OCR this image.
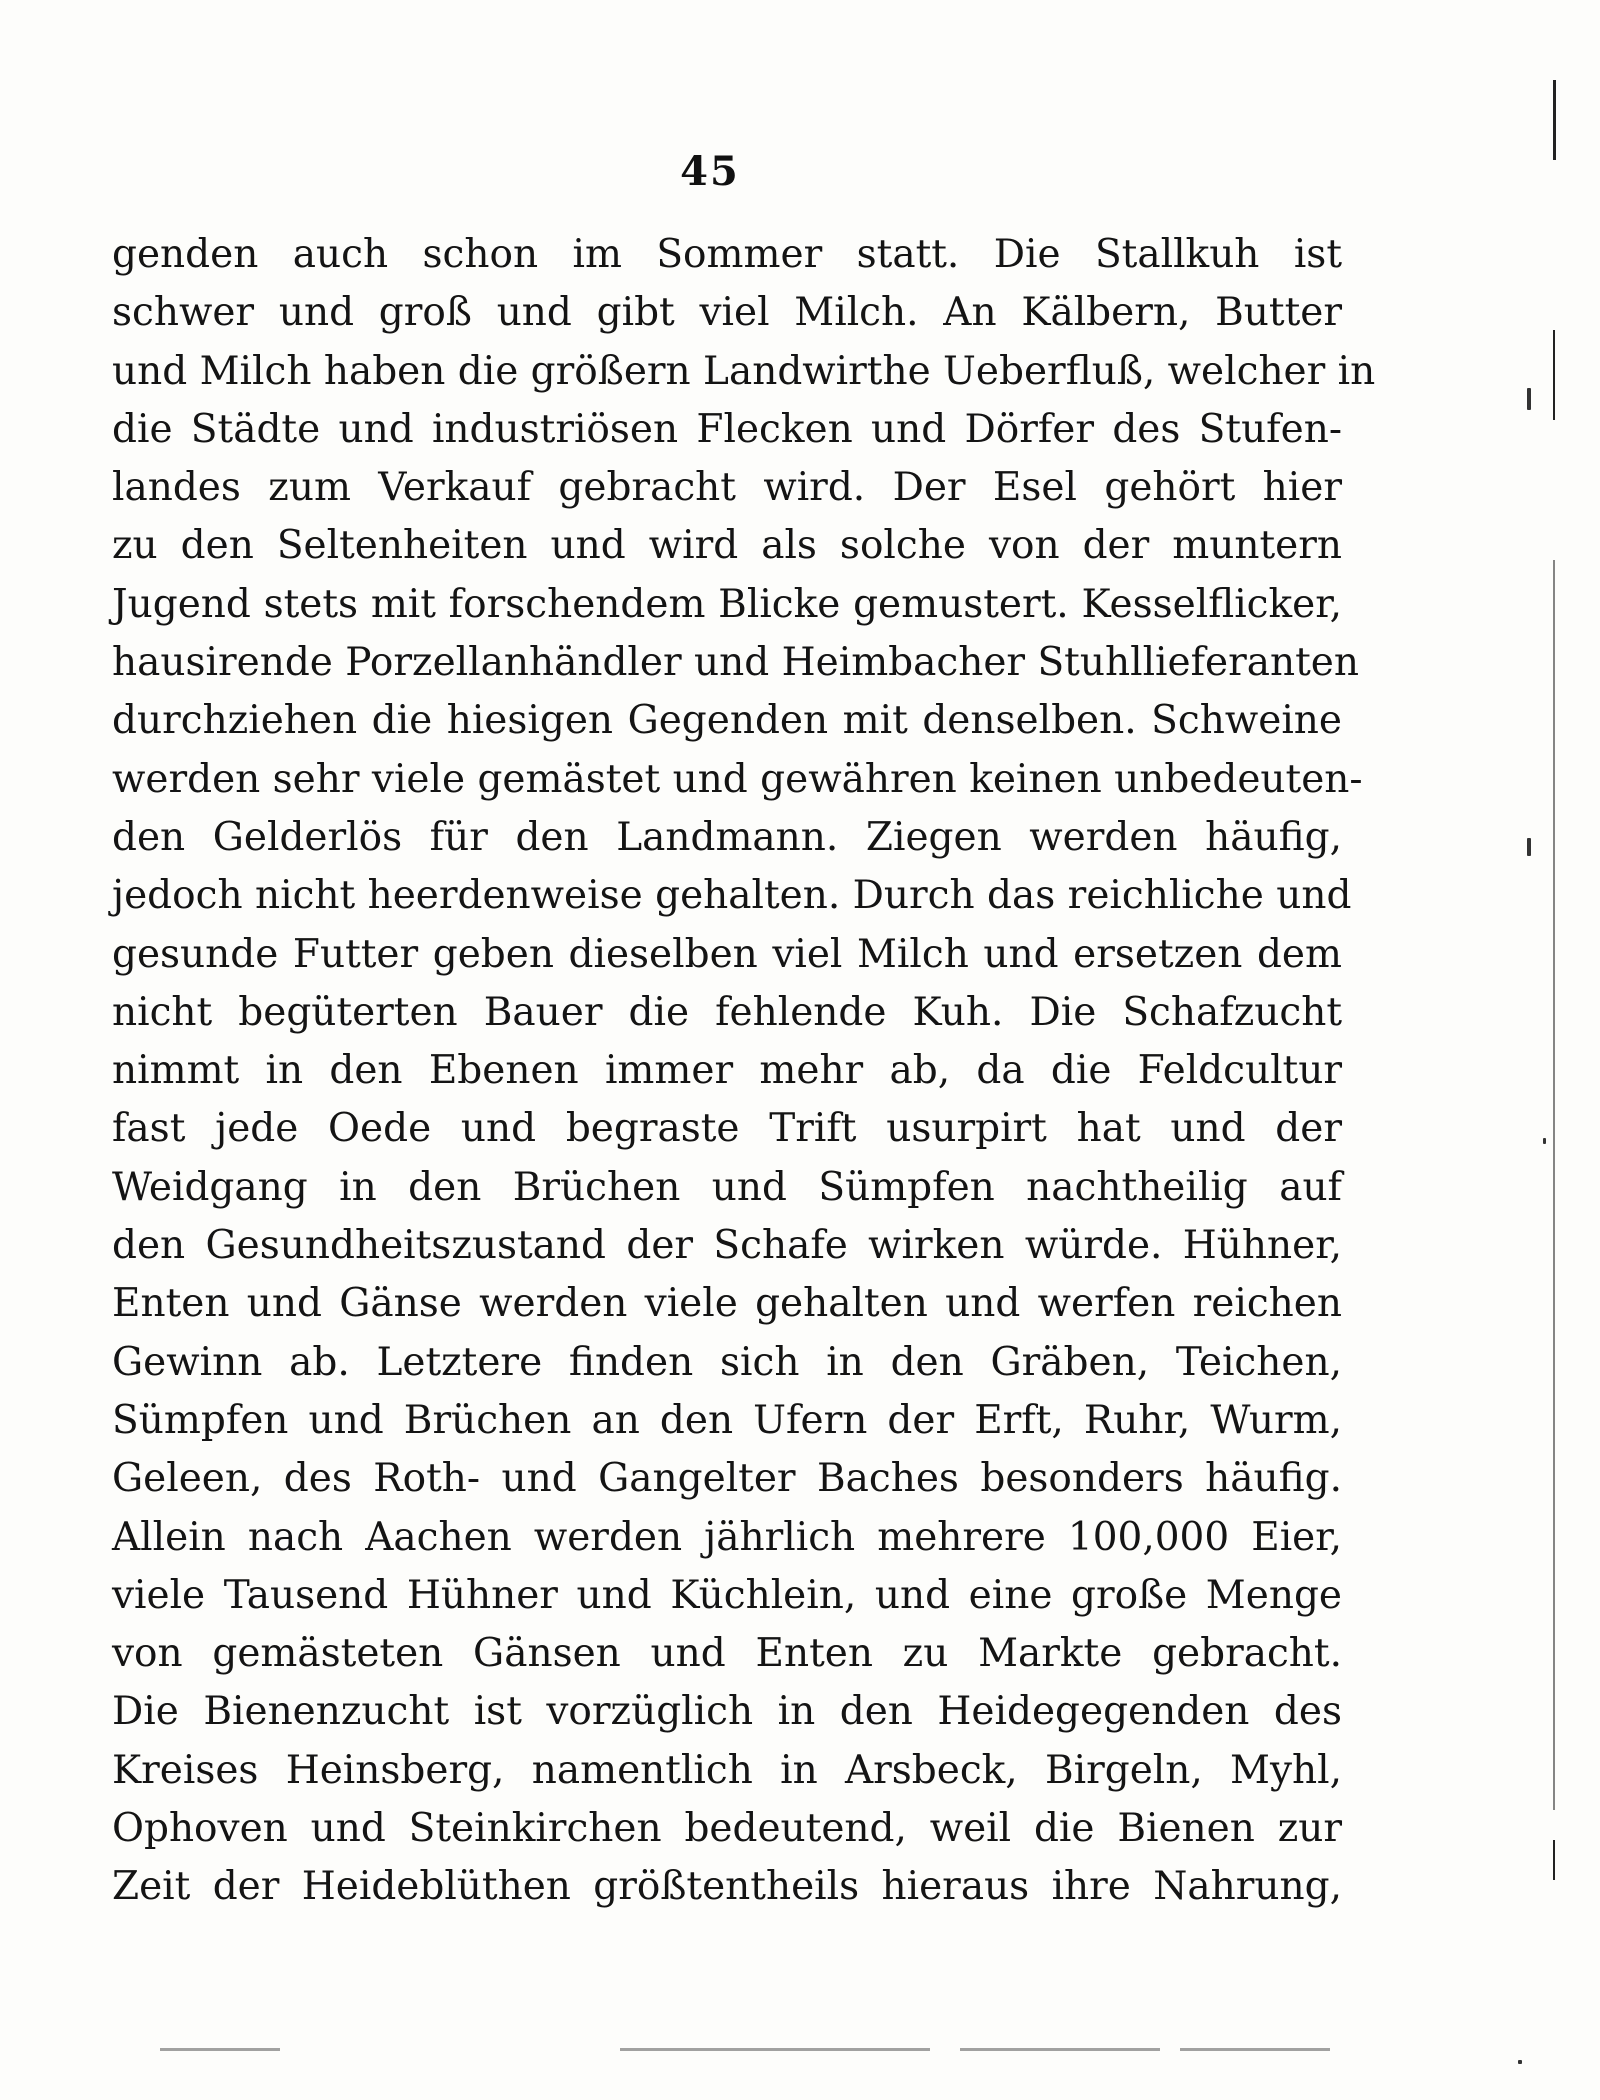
45
genden auch schon im Sommer statt. Die Stallkuh ist
schwer und groß und gibt viel Milch. An Kälbern, Butter
und Milch haben die größern Landwirthe Ueberfluß, welcher in
die Städte und industriösen Flecken und Dörfer des Stufen-
landes zum Verkauf gebracht wird. Der Esel gehört hier
zu den Seltenheiten und wird als solche von der muntern
Jugend stets mit forschendem Blicke gemustert. Kesselflicker,
hausirende Porzellanhändler und Heimbacher Stuhllieferanten
durchziehen die hiesigen Gegenden mit denselben. Schweine
werden sehr viele gemästet und gewähren keinen unbedeuten-
den Gelderlös für den Landmann. Ziegen werden häufig,
jedoch nicht heerdenweise gehalten. Durch das reichliche und
gesunde Futter geben dieselben viel Milch und ersetzen dem
nicht begüterten Bauer die fehlende Kuh. Die Schafzucht
nimmt in den Ebenen immer mehr ab, da die Feldcultur
fast jede Oede und begraste Trift usurpirt hat und der
Weidgang in den Brüchen und Sümpfen nachtheilig auf
den Gesundheitszustand der Schafe wirken würde. Hühner,
Enten und Gänse werden viele gehalten und werfen reichen
Gewinn ab. Letztere finden sich in den Gräben, Teichen,
Sümpfen und Brüchen an den Ufern der Erft, Ruhr, Wurm,
Geleen, des Roth- und Gangelter Baches besonders häufig.
Allein nach Aachen werden jährlich mehrere 100,000 Eier,
viele Tausend Hühner und Küchlein, und eine große Menge
von gemästeten Gänsen und Enten zu Markte gebracht.
Die Bienenzucht ist vorzüglich in den Heidegegenden des
Kreises Heinsberg, namentlich in Arsbeck, Birgeln, Myhl,
Ophoven und Steinkirchen bedeutend, weil die Bienen zur
Zeit der Heideblüthen größtentheils hieraus ihre Nahrung,
